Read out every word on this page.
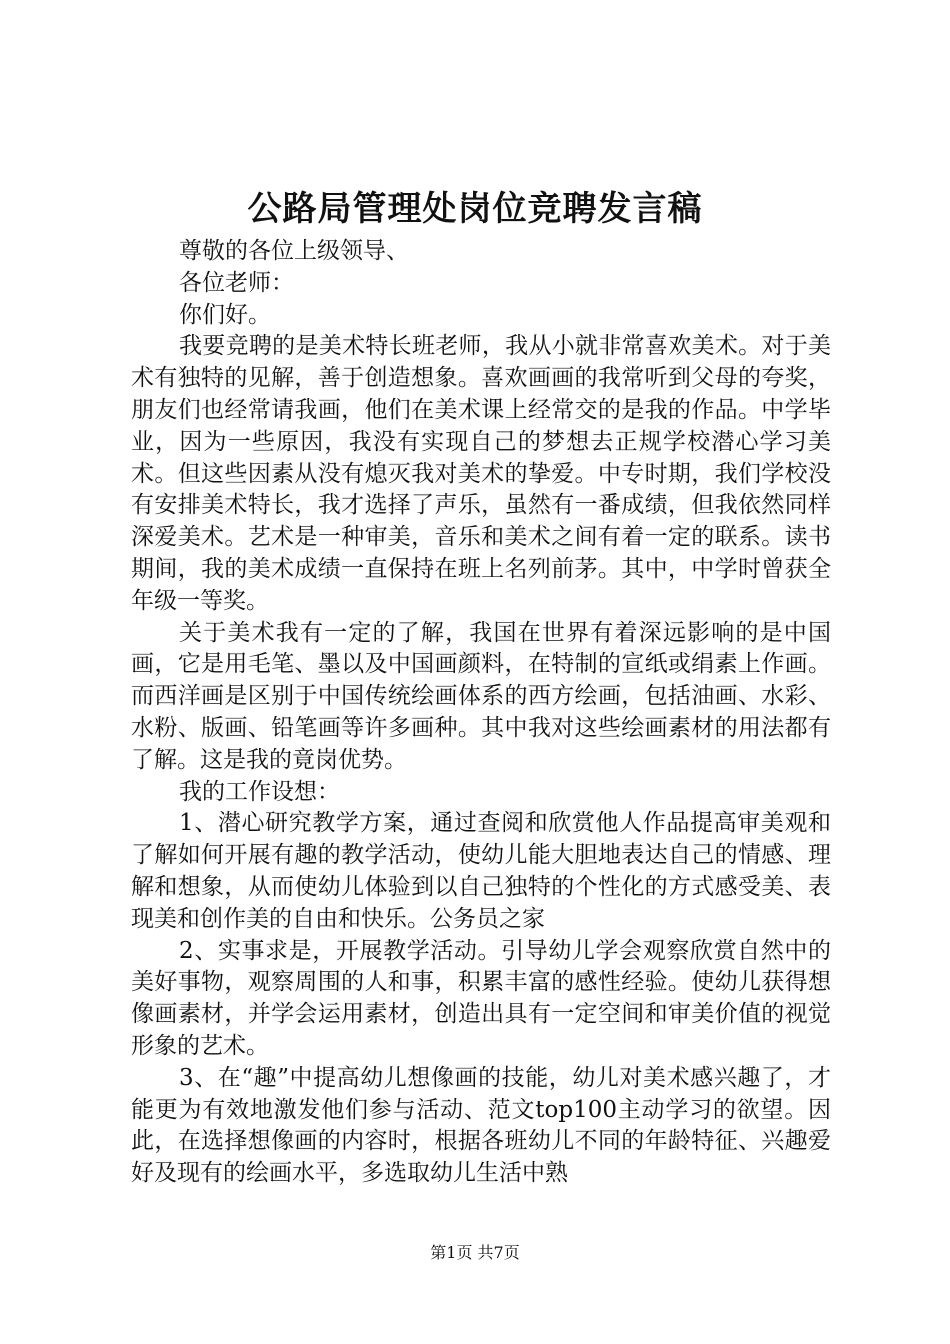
公路局管理处岗位竞聘发言稿

尊敬的各位上级领导、

各位老师：

你们好。

我要竞聘的是美术特长班老师，我从小就非常喜欢美术。对于美术有独特的见解，善于创造想象。喜欢画画的我常听到父母的夸奖，朋友们也经常请我画，他们在美术课上经常交的是我的作品。中学毕业，因为一些原因，我没有实现自己的梦想去正规学校潜心学习美术。但这些因素从没有熄灭我对美术的挚爱。中专时期，我们学校没有安排美术特长，我才选择了声乐，虽然有一番成绩，但我依然同样深爱美术。艺术是一种审美，音乐和美术之间有着一定的联系。读书期间，我的美术成绩一直保持在班上名列前茅。其中，中学时曾获全年级一等奖。

关于美术我有一定的了解，我国在世界有着深远影响的是中国画，它是用毛笔、墨以及中国画颜料，在特制的宣纸或绢素上作画。而西洋画是区别于中国传统绘画体系的西方绘画，包括油画、水彩、水粉、版画、铅笔画等许多画种。其中我对这些绘画素材的用法都有了解。这是我的竟岗优势。

我的工作设想：

1、潜心研究教学方案，通过查阅和欣赏他人作品提高审美观和了解如何开展有趣的教学活动，使幼儿能大胆地表达自己的情感、理解和想象，从而使幼儿体验到以自己独特的个性化的方式感受美、表现美和创作美的自由和快乐。公务员之家

2、实事求是，开展教学活动。引导幼儿学会观察欣赏自然中的美好事物，观察周围的人和事，积累丰富的感性经验。使幼儿获得想像画素材，并学会运用素材，创造出具有一定空间和审美价值的视觉形象的艺术。

3、在“趣”中提高幼儿想像画的技能，幼儿对美术感兴趣了，才能更为有效地激发他们参与活动、范文top100主动学习的欲望。因此，在选择想像画的内容时，根据各班幼儿不同的年龄特征、兴趣爱好及现有的绘画水平，多选取幼儿生活中熟

第1页 共7页
